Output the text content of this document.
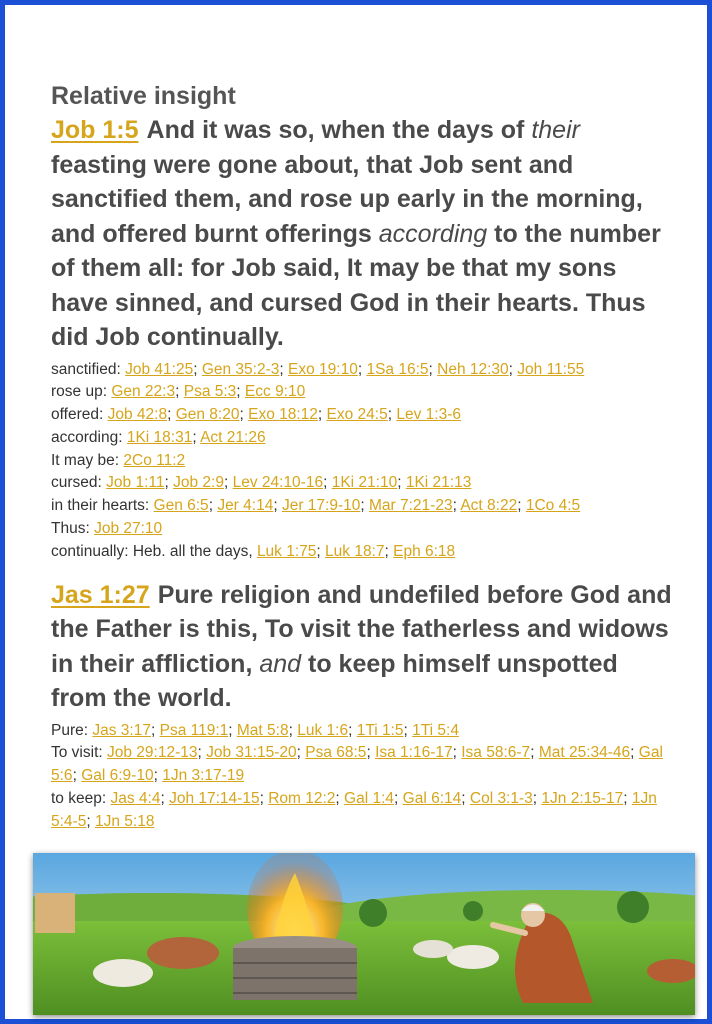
Relative insight
Job 1:5 And it was so, when the days of their feasting were gone about, that Job sent and sanctified them, and rose up early in the morning, and offered burnt offerings according to the number of them all: for Job said, It may be that my sons have sinned, and cursed God in their hearts. Thus did Job continually.
sanctified: Job 41:25; Gen 35:2-3; Exo 19:10; 1Sa 16:5; Neh 12:30; Joh 11:55
rose up: Gen 22:3; Psa 5:3; Ecc 9:10
offered: Job 42:8; Gen 8:20; Exo 18:12; Exo 24:5; Lev 1:3-6
according: 1Ki 18:31; Act 21:26
It may be: 2Co 11:2
cursed: Job 1:11; Job 2:9; Lev 24:10-16; 1Ki 21:10; 1Ki 21:13
in their hearts: Gen 6:5; Jer 4:14; Jer 17:9-10; Mar 7:21-23; Act 8:22; 1Co 4:5
Thus: Job 27:10
continually: Heb. all the days, Luk 1:75; Luk 18:7; Eph 6:18
Jas 1:27 Pure religion and undefiled before God and the Father is this, To visit the fatherless and widows in their affliction, and to keep himself unspotted from the world.
Pure: Jas 3:17; Psa 119:1; Mat 5:8; Luk 1:6; 1Ti 1:5; 1Ti 5:4
To visit: Job 29:12-13; Job 31:15-20; Psa 68:5; Isa 1:16-17; Isa 58:6-7; Mat 25:34-46; Gal 5:6; Gal 6:9-10; 1Jn 3:17-19
to keep: Jas 4:4; Joh 17:14-15; Rom 12:2; Gal 1:4; Gal 6:14; Col 3:1-3; 1Jn 2:15-17; 1Jn 5:4-5; 1Jn 5:18
